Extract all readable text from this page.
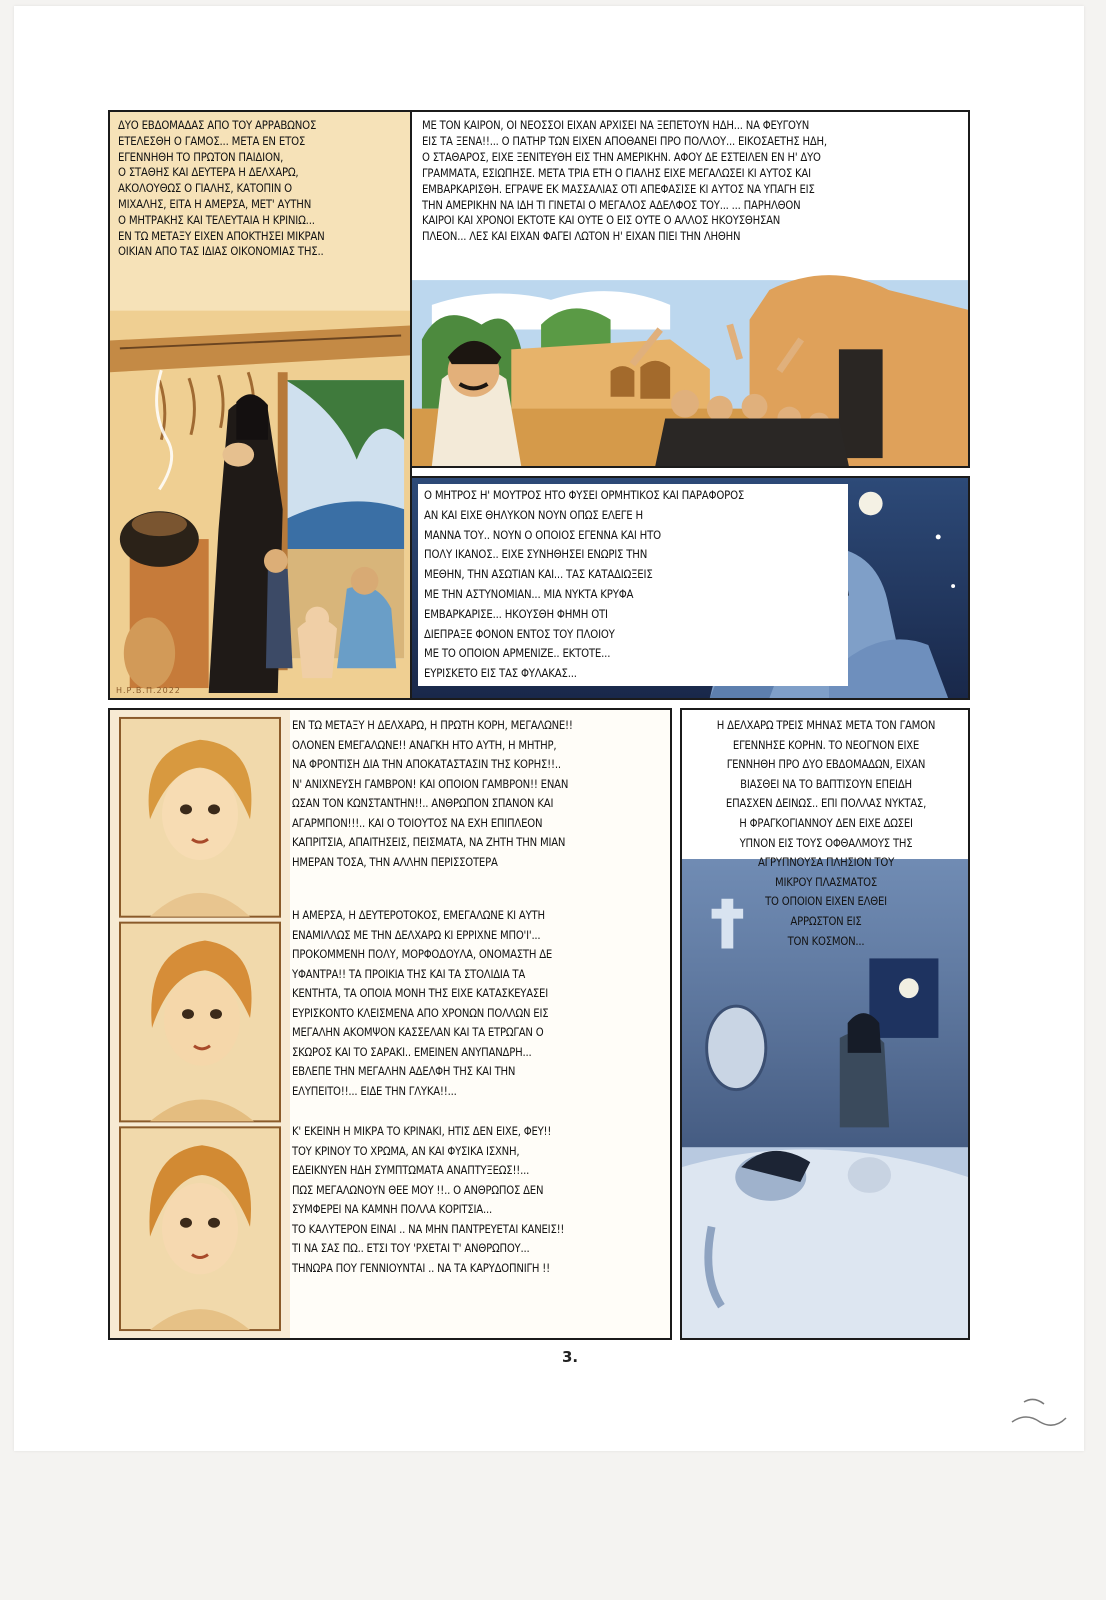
ΔΥΟ ΕΒΔΟΜΑΔΑΣ ΑΠΟ ΤΟΥ ΑΡΡΑΒΩΝΟΣ
ΕΤΕΛΕΣΘΗ Ο ΓΑΜΟΣ... ΜΕΤΑ ΕΝ ΕΤΟΣ
ΕΓΕΝΝΗΘΗ ΤΟ ΠΡΩΤΟΝ ΠΑΙΔΙΟΝ,
Ο ΣΤΑΘΗΣ ΚΑΙ ΔΕΥΤΕΡΑ Η ΔΕΛΧΑΡΩ,
ΑΚΟΛΟΥΘΩΣ Ο ΓΙΑΛΗΣ, ΚΑΤΟΠΙΝ Ο
ΜΙΧΑΛΗΣ, ΕΙΤΑ Η ΑΜΕΡΣΑ, ΜΕΤ' ΑΥΤΗΝ
Ο ΜΗΤΡΑΚΗΣ ΚΑΙ ΤΕΛΕΥΤΑΙΑ Η ΚΡΙΝΙΩ...
ΕΝ ΤΩ ΜΕΤΑΞΥ ΕΙΧΕΝ ΑΠΟΚΤΗΣΕΙ ΜΙΚΡΑΝ
ΟΙΚΙΑΝ ΑΠΟ ΤΑΣ ΙΔΙΑΣ ΟΙΚΟΝΟΜΙΑΣ ΤΗΣ..
Η.Ρ.Β.Π.2022
ΜΕ ΤΟΝ ΚΑΙΡΟΝ, ΟΙ ΝΕΟΣΣΟΙ ΕΙΧΑΝ ΑΡΧΙΣΕΙ ΝΑ ΞΕΠΕΤΟΥΝ ΗΔΗ... ΝΑ ΦΕΥΓΟΥΝ
ΕΙΣ ΤΑ ΞΕΝΑ!!... Ο ΠΑΤΗΡ ΤΩΝ ΕΙΧΕΝ ΑΠΟΘΑΝΕΙ ΠΡΟ ΠΟΛΛΟΥ... ΕΙΚΟΣΑΕΤΗΣ ΗΔΗ,
Ο ΣΤΑΘΑΡΟΣ, ΕΙΧΕ ΞΕΝΙΤΕΥΘΗ ΕΙΣ ΤΗΝ ΑΜΕΡΙΚΗΝ. ΑΦΟΥ ΔΕ ΕΣΤΕΙΛΕΝ ΕΝ Η' ΔΥΟ
ΓΡΑΜΜΑΤΑ, ΕΣΙΩΠΗΣΕ. ΜΕΤΑ ΤΡΙΑ ΕΤΗ Ο ΓΙΑΛΗΣ ΕΙΧΕ ΜΕΓΑΛΩΣΕΙ ΚΙ ΑΥΤΟΣ ΚΑΙ
ΕΜΒΑΡΚΑΡΙΣΘΗ. ΕΓΡΑΨΕ ΕΚ ΜΑΣΣΑΛΙΑΣ ΟΤΙ ΑΠΕΦΑΣΙΣΕ ΚΙ ΑΥΤΟΣ ΝΑ ΥΠΑΓΗ ΕΙΣ
ΤΗΝ ΑΜΕΡΙΚΗΝ ΝΑ ΙΔΗ ΤΙ ΓΙΝΕΤΑΙ Ο ΜΕΓΑΛΟΣ ΑΔΕΛΦΟΣ ΤΟΥ... ... ΠΑΡΗΛΘΟΝ
ΚΑΙΡΟΙ ΚΑΙ ΧΡΟΝΟΙ ΕΚΤΟΤΕ ΚΑΙ ΟΥΤΕ Ο ΕΙΣ ΟΥΤΕ Ο ΑΛΛΟΣ ΗΚΟΥΣΘΗΣΑΝ
ΠΛΕΟΝ... ΛΕΣ ΚΑΙ ΕΙΧΑΝ ΦΑΓΕΙ ΛΩΤΟΝ Η' ΕΙΧΑΝ ΠΙΕΙ ΤΗΝ ΛΗΘΗΝ
Ο ΜΗΤΡΟΣ Η' ΜΟΥΤΡΟΣ ΗΤΟ ΦΥΣΕΙ ΟΡΜΗΤΙΚΟΣ ΚΑΙ ΠΑΡΑΦΟΡΟΣ
ΑΝ ΚΑΙ ΕΙΧΕ ΘΗΛΥΚΟΝ ΝΟΥΝ ΟΠΩΣ ΕΛΕΓΕ Η
ΜΑΝΝΑ ΤΟΥ.. ΝΟΥΝ Ο ΟΠΟΙΟΣ ΕΓΕΝΝΑ ΚΑΙ ΗΤΟ
ΠΟΛΥ ΙΚΑΝΟΣ.. ΕΙΧΕ ΣΥΝΗΘΗΣΕΙ ΕΝΩΡΙΣ ΤΗΝ
ΜΕΘΗΝ, ΤΗΝ ΑΣΩΤΙΑΝ ΚΑΙ... ΤΑΣ ΚΑΤΑΔΙΩΞΕΙΣ
ΜΕ ΤΗΝ ΑΣΤΥΝΟΜΙΑΝ... ΜΙΑ ΝΥΚΤΑ ΚΡΥΦΑ
ΕΜΒΑΡΚΑΡΙΣΕ... ΗΚΟΥΣΘΗ ΦΗΜΗ ΟΤΙ
ΔΙΕΠΡΑΞΕ ΦΟΝΟΝ ΕΝΤΟΣ ΤΟΥ ΠΛΟΙΟΥ
ΜΕ ΤΟ ΟΠΟΙΟΝ ΑΡΜΕΝΙΖΕ.. ΕΚΤΟΤΕ...
ΕΥΡΙΣΚΕΤΟ ΕΙΣ ΤΑΣ ΦΥΛΑΚΑΣ...
ΕΝ ΤΩ ΜΕΤΑΞΥ Η ΔΕΛΧΑΡΩ, Η ΠΡΩΤΗ ΚΟΡΗ, ΜΕΓΑΛΩΝΕ!!
ΟΛΟΝΕΝ ΕΜΕΓΑΛΩΝΕ!! ΑΝΑΓΚΗ ΗΤΟ ΑΥΤΗ, Η ΜΗΤΗΡ,
ΝΑ ΦΡΟΝΤΙΣΗ ΔΙΑ ΤΗΝ ΑΠΟΚΑΤΑΣΤΑΣΙΝ ΤΗΣ ΚΟΡΗΣ!!..
Ν' ΑΝΙΧΝΕΥΣΗ ΓΑΜΒΡΟΝ! ΚΑΙ ΟΠΟΙΟΝ ΓΑΜΒΡΟΝ!! ΕΝΑΝ
ΩΣΑΝ ΤΟΝ ΚΩΝΣΤΑΝΤΗΝ!!.. ΑΝΘΡΩΠΟΝ ΣΠΑΝΟΝ ΚΑΙ
ΑΓΑΡΜΠΟΝ!!!.. ΚΑΙ Ο ΤΟΙΟΥΤΟΣ ΝΑ ΕΧΗ ΕΠΙΠΛΕΟΝ
ΚΑΠΡΙΤΣΙΑ, ΑΠΑΙΤΗΣΕΙΣ, ΠΕΙΣΜΑΤΑ, ΝΑ ΖΗΤΗ ΤΗΝ ΜΙΑΝ
ΗΜΕΡΑΝ ΤΟΣΑ, ΤΗΝ ΑΛΛΗΝ ΠΕΡΙΣΣΟΤΕΡΑ
Η ΑΜΕΡΣΑ, Η ΔΕΥΤΕΡΟΤΟΚΟΣ, ΕΜΕΓΑΛΩΝΕ ΚΙ ΑΥΤΗ
ΕΝΑΜΙΛΛΩΣ ΜΕ ΤΗΝ ΔΕΛΧΑΡΩ ΚΙ ΕΡΡΙΧΝΕ ΜΠΟ'Ι'...
ΠΡΟΚΟΜΜΕΝΗ ΠΟΛΥ, ΜΟΡΦΟΔΟΥΛΑ, ΟΝΟΜΑΣΤΗ ΔΕ
ΥΦΑΝΤΡΑ!! ΤΑ ΠΡΟΙΚΙΑ ΤΗΣ ΚΑΙ ΤΑ ΣΤΟΛΙΔΙΑ ΤΑ
ΚΕΝΤΗΤΑ, ΤΑ ΟΠΟΙΑ ΜΟΝΗ ΤΗΣ ΕΙΧΕ ΚΑΤΑΣΚΕΥΑΣΕΙ
ΕΥΡΙΣΚΟΝΤΟ ΚΛΕΙΣΜΕΝΑ ΑΠΟ ΧΡΟΝΩΝ ΠΟΛΛΩΝ ΕΙΣ
ΜΕΓΑΛΗΝ ΑΚΟΜΨΟΝ ΚΑΣΣΕΛΑΝ ΚΑΙ ΤΑ ΕΤΡΩΓΑΝ Ο
ΣΚΩΡΟΣ ΚΑΙ ΤΟ ΣΑΡΑΚΙ.. ΕΜΕΙΝΕΝ ΑΝΥΠΑΝΔΡΗ...
ΕΒΛΕΠΕ ΤΗΝ ΜΕΓΑΛΗΝ ΑΔΕΛΦΗ ΤΗΣ ΚΑΙ ΤΗΝ
ΕΛΥΠΕΙΤΟ!!... ΕΙΔΕ ΤΗΝ ΓΛΥΚΑ!!...
Κ' ΕΚΕΙΝΗ Η ΜΙΚΡΑ ΤΟ ΚΡΙΝΑΚΙ, ΗΤΙΣ ΔΕΝ ΕΙΧΕ, ΦΕΥ!!
ΤΟΥ ΚΡΙΝΟΥ ΤΟ ΧΡΩΜΑ, ΑΝ ΚΑΙ ΦΥΣΙΚΑ ΙΣΧΝΗ,
ΕΔΕΙΚΝΥΕΝ ΗΔΗ ΣΥΜΠΤΩΜΑΤΑ ΑΝΑΠΤΥΞΕΩΣ!!...
ΠΩΣ ΜΕΓΑΛΩΝΟΥΝ ΘΕΕ ΜΟΥ !!.. Ο ΑΝΘΡΩΠΟΣ ΔΕΝ
ΣΥΜΦΕΡΕΙ ΝΑ ΚΑΜΝΗ ΠΟΛΛΑ ΚΟΡΙΤΣΙΑ...
ΤΟ ΚΑΛΥΤΕΡΟΝ ΕΙΝΑΙ .. ΝΑ ΜΗΝ ΠΑΝΤΡΕΥΕΤΑΙ ΚΑΝΕΙΣ!!
ΤΙ ΝΑ ΣΑΣ ΠΩ.. ΕΤΣΙ ΤΟΥ 'ΡΧΕΤΑΙ Τ' ΑΝΘΡΩΠΟΥ...
ΤΗΝΩΡΑ ΠΟΥ ΓΕΝΝΙΟΥΝΤΑΙ .. ΝΑ ΤΑ ΚΑΡΥΔΟΠΝΙΓΗ !!
Η ΔΕΛΧΑΡΩ ΤΡΕΙΣ ΜΗΝΑΣ ΜΕΤΑ ΤΟΝ ΓΑΜΟΝ
ΕΓΕΝΝΗΣΕ ΚΟΡΗΝ. ΤΟ ΝΕΟΓΝΟΝ ΕΙΧΕ
ΓΕΝΝΗΘΗ ΠΡΟ ΔΥΟ ΕΒΔΟΜΑΔΩΝ, ΕΙΧΑΝ
ΒΙΑΣΘΕΙ ΝΑ ΤΟ ΒΑΠΤΙΣΟΥΝ ΕΠΕΙΔΗ
ΕΠΑΣΧΕΝ ΔΕΙΝΩΣ.. ΕΠΙ ΠΟΛΛΑΣ ΝΥΚΤΑΣ,
Η ΦΡΑΓΚΟΓΙΑΝΝΟΥ ΔΕΝ ΕΙΧΕ ΔΩΣΕΙ
ΥΠΝΟΝ ΕΙΣ ΤΟΥΣ ΟΦΘΑΛΜΟΥΣ ΤΗΣ
ΑΓΡΥΠΝΟΥΣΑ ΠΛΗΣΙΟΝ ΤΟΥ
ΜΙΚΡΟΥ ΠΛΑΣΜΑΤΟΣ
ΤΟ ΟΠΟΙΟΝ ΕΙΧΕΝ ΕΛΘΕΙ
ΑΡΡΩΣΤΟΝ ΕΙΣ
ΤΟΝ ΚΟΣΜΟΝ...
3.
